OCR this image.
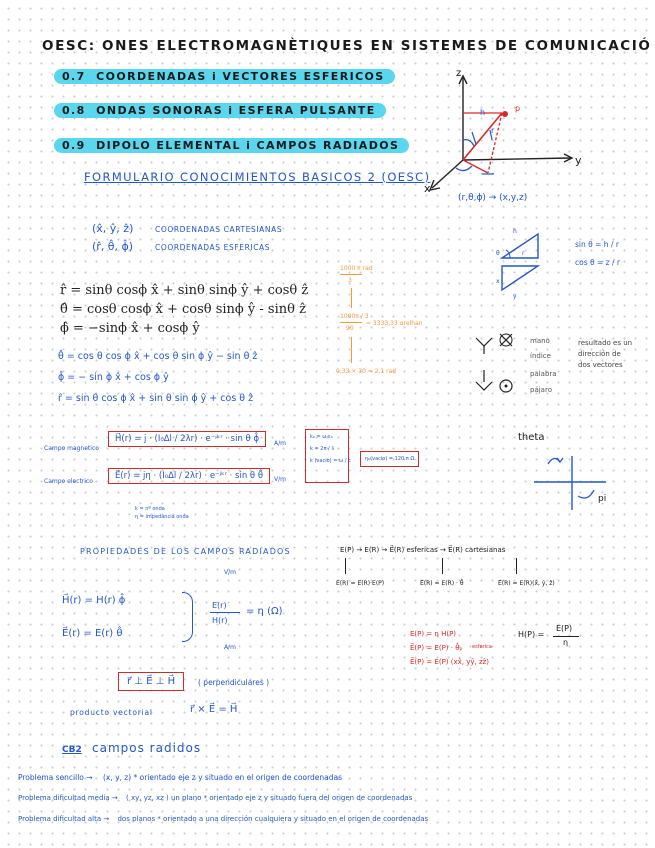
OESC: ONES ELECTROMAGNÈTIQUES EN SISTEMES DE COMUNICACIÓ
0.7 COORDENADAS i VECTORES ESFERICOS
0.8 ONDAS SONORAS i ESFERA PULSANTE
0.9 DIPOLO ELEMENTAL i CAMPOS RADIADOS
FORMULARIO CONOCIMIENTOS BASICOS 2 (OESC)
z
y
x
r
h	p
(r,θ,ϕ) → (x,y,z)
(x̂, ŷ, ẑ)	COORDENADAS CARTESIANAS
(r̂, θ̂, ϕ̂)	COORDENADAS ESFERICAS
r̂ = sinθ cosϕ x̂ + sinθ sinϕ ŷ + cosθ ẑ
θ̂ = cosθ cosϕ x̂ + cosθ sinϕ ŷ - sinθ ẑ
ϕ̂ = −sinϕ x̂ + cosϕ ŷ
θ̂ = cos θ cos ϕ x̂ + cos θ sin ϕ ŷ − sin θ ẑ
ϕ̂ = − sin ϕ x̂ + cos ϕ ŷ
r̂ = sin θ cos ϕ x̂ + sin θ sin ϕ ŷ + cos θ ẑ
1000 π rad
3
1000π / 3
90
= 3333,33 αrelhan
0,33 × 30 = 2,1 rad
h
r
θ
x
y
sin θ = h / r
cos θ = z / r
mano
índice
palabra
pájaro
resultado es un dirección de dos vectores
Campo magnetico
H⃗(r) = j · (I₀Δl / 2λr) · e⁻ʲᵏʳ · sin θ ϕ̂	A/m
Campo electrico
E⃗(r) = jη · (I₀Δl / 2λr) · e⁻ʲᵏʳ · sin θ θ̂	V/m
k = nº onda
η = impedancia onda
k₀ = ω·ε₀
k = 2π / λ
k (vacio) = ω / c	η₀(vacio) = 120 π Ω
theta
pi
PROPIEDADES DE LOS CAMPOS RADIADOS
H⃗(r) = H(r) ϕ̂
E⃗(r) = E(r) θ̂
V/m
E(r)
H(r)
= η (Ω)
A/m
r⃗ ⊥ E⃗ ⊥ H⃗	( perpendiculares )
producto vectorial	r⃗ × E⃗ = H⃗
E(P) → E(R) → E⃗(R) esfericas → E⃗(R) cartesianas
E(R) = E(R)·E(P)	E⃗(R) = E(R) · θ̂	E⃗(R) = E(R)(x̂, ŷ, ẑ)
E(P) = η H(P)
E⃗(P) = E(P) · θ̂ₚ esferica
E⃗(P) = E(P) (xx̂, yŷ, zẑ)
H(P) =
E(P)
η
CB2 campos radidos
Problema sencillo → (x, y, z) * orientado eje z y situado en el origen de coordenadas
Problema dificultad media → ( xy, yz, xz ) un plano * orientado eje z y situado fuera del origen de coordenadas
Problema dificultad alta → dos planos * orientado a una dirección cualquiera y situado en el origen de coordenadas
